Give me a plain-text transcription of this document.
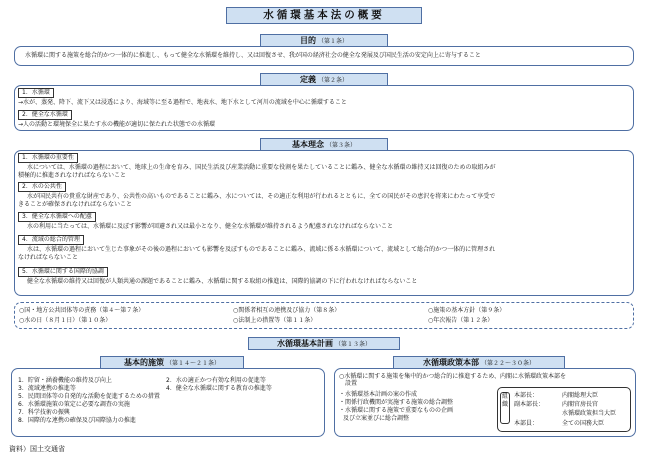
水循環基本法の概要
目的 （第１条）
水循環に関する施策を総合的かつ一体的に推進し、もって健全な水循環を維持し、又は回復させ、我が国の経済社会の健全な発展及び国民生活の安定向上に寄与すること
定義 （第２条）
1．水循環
→水が、蒸発、降下、流下又は浸透により、海域等に至る過程で、地表水、地下水として河川の流域を中心に循環すること
2．健全な水循環
→人の活動と環境保全に果たす水の機能が適切に保たれた状態での水循環
基本理念 （第３条）
1．水循環の重要性
水については、水循環の過程において、地球上の生命を育み、国民生活及び産業活動に重要な役割を果たしていることに鑑み、健全な水循環の維持又は回復のための取組みが
積極的に推進されなければならないこと
2．水の公共性
水が国民共有の貴重な財産であり、公共性の高いものであることに鑑み、水については、その適正な利用が行われるとともに、全ての国民がその恵沢を将来にわたって享受で
きることが確保されなければならないこと
3．健全な水循環への配慮
水の利用に当たっては、水循環に及ぼす影響が回避され又は最小となり、健全な水循環が維持されるよう配慮されなければならないこと
4．流域の総合的管理
水は、水循環の過程において生じた事象がその後の過程においても影響を及ぼすものであることに鑑み、流域に係る水循環について、流域として総合的かつ一体的に管理され
なければならないこと
5．水循環に関する国際的協調
健全な水循環の維持又は回復が人類共通の課題であることに鑑み、水循環に関する取組の推進は、国際的協調の下に行われなければならないこと
○国・地方公共団体等の責務（第４～第７条）	○関係者相互の連携及び協力（第８条）	○施策の基本方針（第９条）
○水の日（８月１日）（第１０条）	○法制上の措置等（第１１条）	○年次報告（第１２条）
水循環基本計画 （第１３条）
基本的施策 （第１４～２１条）
1．貯留・涵養機能の維持及び向上	2．水の適正かつ有効な利用の促進等
3．流域連携の推進等	4．健全な水循環に関する教育の推進等
5．民間団体等の自発的な活動を促進するための措置
6．水循環施策の策定に必要な調査の実施
7．科学技術の振興
8．国際的な連携の確保及び国際協力の推進
水循環政策本部 （第２２～３０条）
○水循環に関する施策を集中的かつ総合的に推進するため、内閣に水循環政策本部を
設置
・水循環基本計画の案の作成
・関係行政機関が実施する施策の総合調整
・水循環に関する施策で重要なものの企画
及び立案並びに総合調整
組織
本部長：	内閣総理大臣
副本部長：	内閣官房長官
水循環政策担当大臣
本部員：	全ての国務大臣
資料）国土交通省
